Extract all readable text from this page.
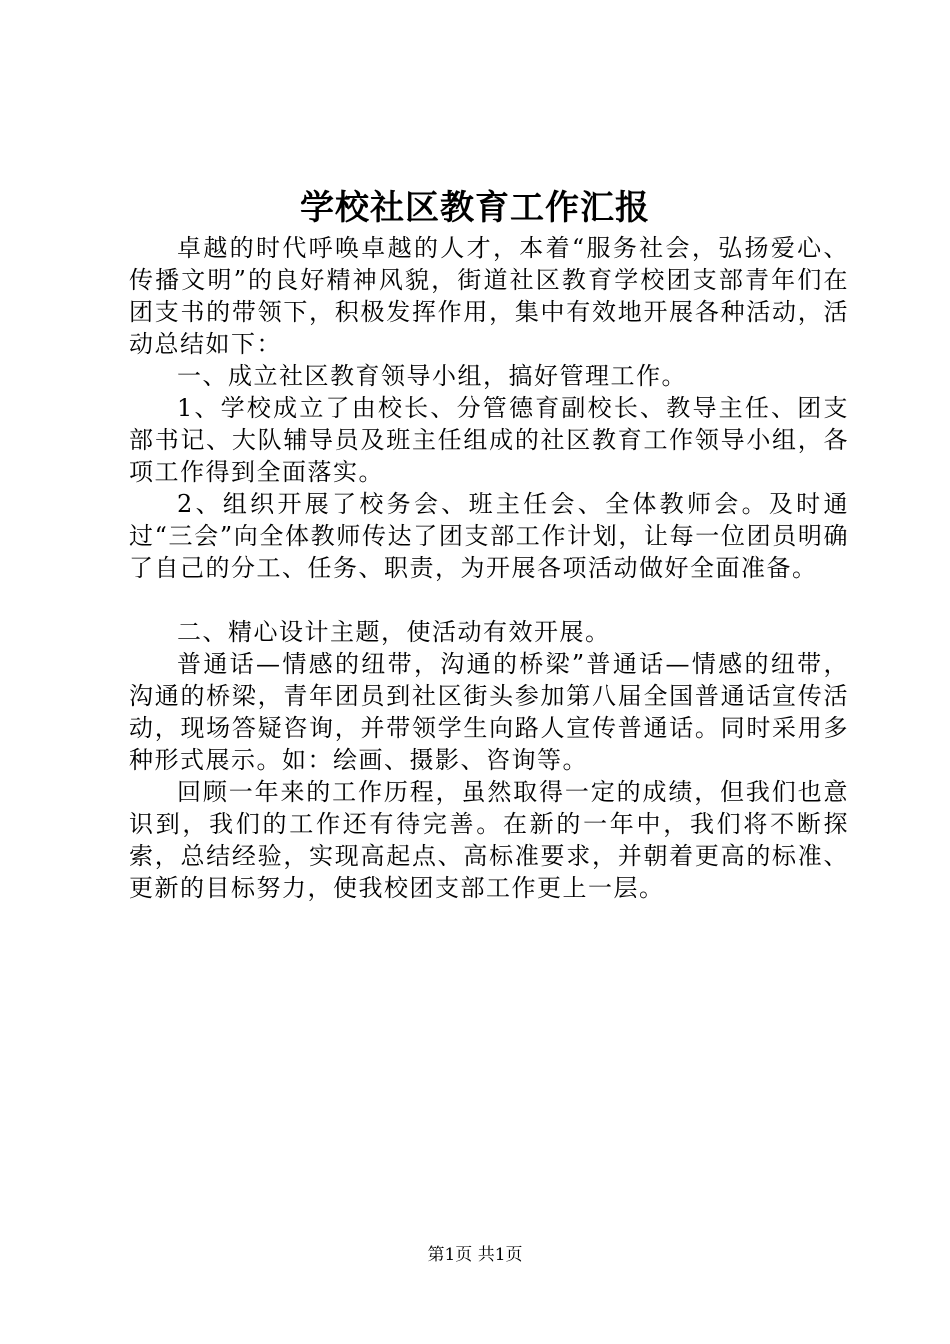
学校社区教育工作汇报

卓越的时代呼唤卓越的人才，本着“服务社会，弘扬爱心、传播文明”的良好精神风貌，街道社区教育学校团支部青年们在团支书的带领下，积极发挥作用，集中有效地开展各种活动，活动总结如下：

一、成立社区教育领导小组，搞好管理工作。

1、学校成立了由校长、分管德育副校长、教导主任、团支部书记、大队辅导员及班主任组成的社区教育工作领导小组，各项工作得到全面落实。

2、组织开展了校务会、班主任会、全体教师会。及时通过“三会”向全体教师传达了团支部工作计划，让每一位团员明确了自己的分工、任务、职责，为开展各项活动做好全面准备。

二、精心设计主题，使活动有效开展。

普通话—情感的纽带，沟通的桥梁”普通话—情感的纽带，沟通的桥梁，青年团员到社区街头参加第八届全国普通话宣传活动，现场答疑咨询，并带领学生向路人宣传普通话。同时采用多种形式展示。如：绘画、摄影、咨询等。

回顾一年来的工作历程，虽然取得一定的成绩，但我们也意识到，我们的工作还有待完善。在新的一年中，我们将不断探索，总结经验，实现高起点、高标准要求，并朝着更高的标准、更新的目标努力，使我校团支部工作更上一层。

第1页 共1页
